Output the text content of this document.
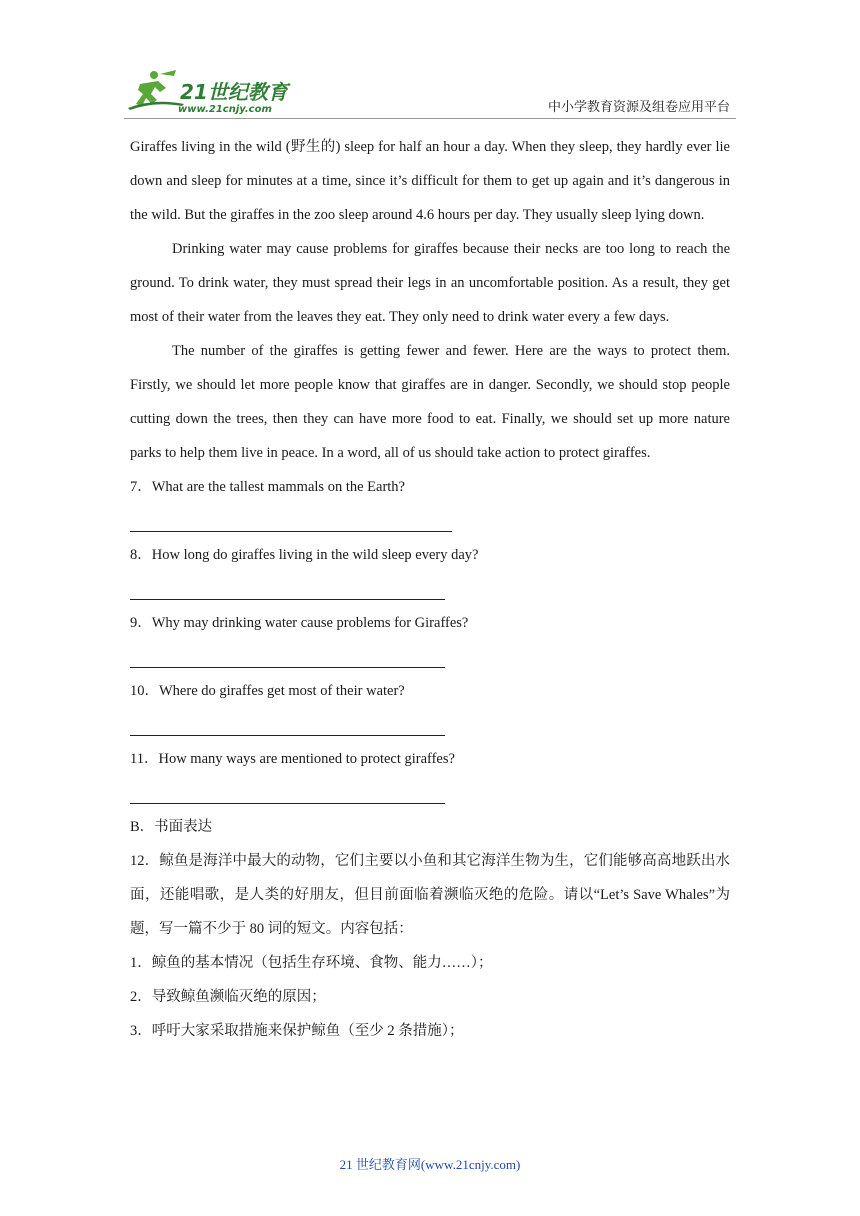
21世纪教育
www.21cnjy.com	中小学教育资源及组卷应用平台

Giraffes living in the wild (野生的) sleep for half an hour a day. When they sleep, they hardly ever lie down and sleep for minutes at a time, since it’s difficult for them to get up again and it’s dangerous in the wild. But the giraffes in the zoo sleep around 4.6 hours per day. They usually sleep lying down.

Drinking water may cause problems for giraffes because their necks are too long to reach the ground. To drink water, they must spread their legs in an uncomfortable position. As a result, they get most of their water from the leaves they eat. They only need to drink water every a few days.

The number of the giraffes is getting fewer and fewer. Here are the ways to protect them. Firstly, we should let more people know that giraffes are in danger. Secondly, we should stop people cutting down the trees, then they can have more food to eat. Finally, we should set up more nature parks to help them live in peace. In a word, all of us should take action to protect giraffes.

7．What are the tallest mammals on the Earth?

8．How long do giraffes living in the wild sleep every day?

9．Why may drinking water cause problems for Giraffes?

10．Where do giraffes get most of their water?

11．How many ways are mentioned to protect giraffes?

B．书面表达

12．鲸鱼是海洋中最大的动物，它们主要以小鱼和其它海洋生物为生，它们能够高高地跃出水面，还能唱歌，是人类的好朋友，但目前面临着濒临灭绝的危险。请以“Let’s Save Whales”为题，写一篇不少于 80 词的短文。内容包括：

1．鲸鱼的基本情况（包括生存环境、食物、能力……）；

2．导致鲸鱼濒临灭绝的原因；

3．呼吁大家采取措施来保护鲸鱼（至少 2 条措施）；

21 世纪教育网(www.21cnjy.com)
